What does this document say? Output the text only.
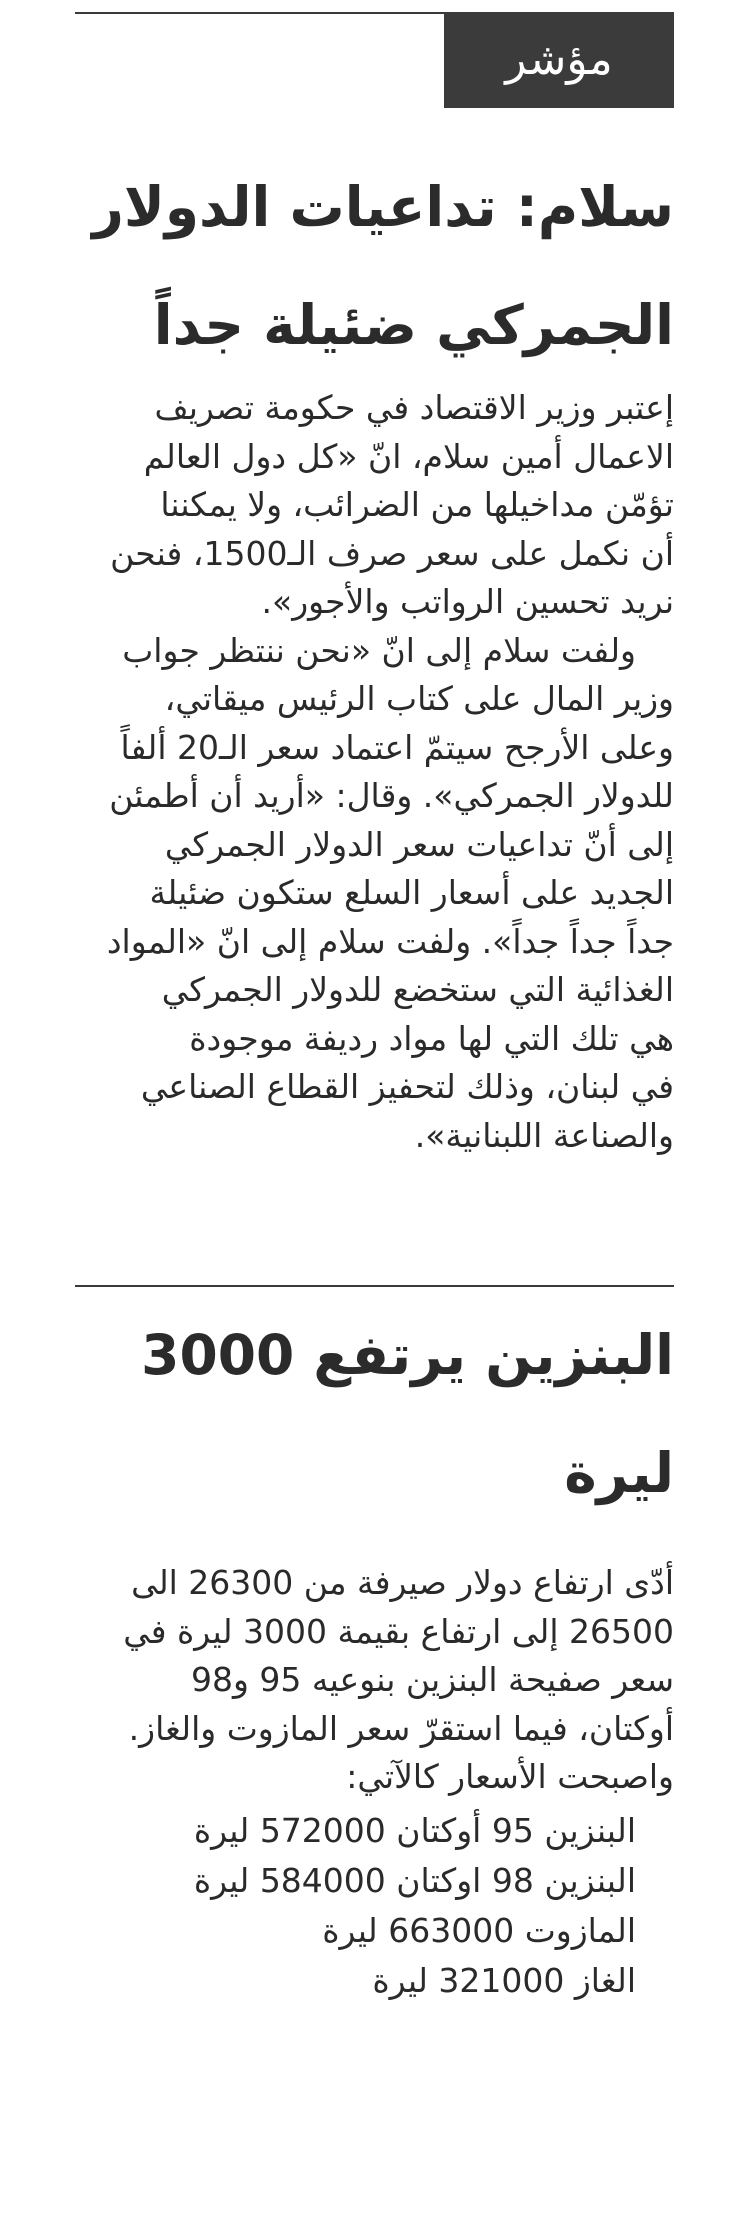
مؤشر
سلام: تداعيات الدولار
الجمركي ضئيلة جداً
إعتبر وزير الاقتصاد في حكومة تصريف
الاعمال أمين سلام، انّ «كل دول العالم
تؤمّن مداخيلها من الضرائب، ولا يمكننا
أن نكمل على سعر صرف الـ1500، فنحن
نريد تحسين الرواتب والأجور».
ولفت سلام إلى انّ «نحن ننتظر جواب
وزير المال على كتاب الرئيس ميقاتي،
وعلى الأرجح سيتمّ اعتماد سعر الـ20 ألفاً
للدولار الجمركي». وقال: «أريد أن أطمئن
إلى أنّ تداعيات سعر الدولار الجمركي
الجديد على أسعار السلع ستكون ضئيلة
جداً جداً جداً». ولفت سلام إلى انّ «المواد
الغذائية التي ستخضع للدولار الجمركي
هي تلك التي لها مواد رديفة موجودة
في لبنان، وذلك لتحفيز القطاع الصناعي
والصناعة اللبنانية».
البنزين يرتفع 3000
ليرة
أدّى ارتفاع دولار صيرفة من 26300 الى
26500 إلى ارتفاع بقيمة 3000 ليرة في
سعر صفيحة البنزين بنوعيه 95 و98
أوكتان، فيما استقرّ سعر المازوت والغاز.
واصبحت الأسعار كالآتي:
البنزين 95 أوكتان 572000 ليرة
البنزين 98 اوكتان 584000 ليرة
المازوت 663000 ليرة
الغاز 321000 ليرة
